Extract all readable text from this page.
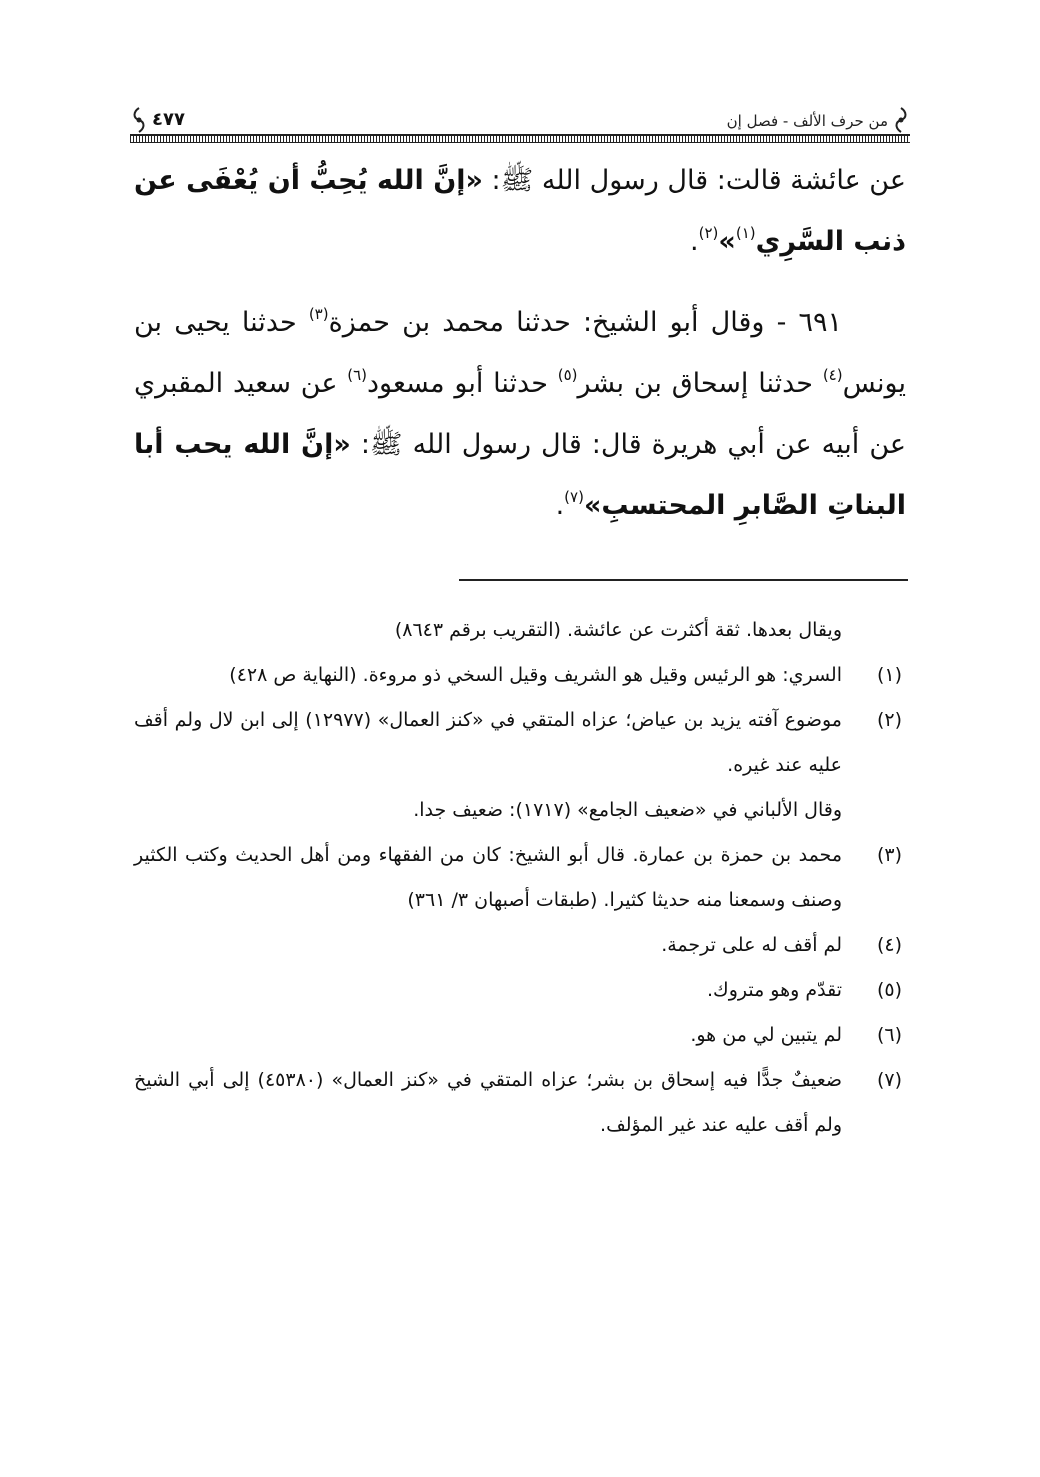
من حرف الألف - فصل إن
٤٧٧

عن عائشة قالت: قال رسول الله ﷺ: «إنَّ الله يُحِبُّ أن يُعْفَى عن ذنب السَّرِي$^{(١)}$»$^{(٢)}$.

٦٩١ - وقال أبو الشيخ: حدثنا محمد بن حمزة$^{(٣)}$ حدثنا يحيى بن يونس$^{(٤)}$ حدثنا إسحاق بن بشر$^{(٥)}$ حدثنا أبو مسعود$^{(٦)}$ عن سعيد المقبري عن أبيه عن أبي هريرة قال: قال رسول الله ﷺ: «إنَّ الله يحب أبا البناتِ الصَّابرِ المحتسبِ»$^{(٧)}$.

ويقال بعدها. ثقة أكثرت عن عائشة. (التقريب برقم ٨٦٤٣)

(١)
السري: هو الرئيس وقيل هو الشريف وقيل السخي ذو مروءة. (النهاية ص ٤٢٨)

(٢)
موضوع آفته يزيد بن عياض؛ عزاه المتقي في «كنز العمال» (١٢٩٧٧) إلى ابن لال ولم أقف عليه عند غيره.

وقال الألباني في «ضعيف الجامع» (١٧١٧): ضعيف جدا.

(٣)
محمد بن حمزة بن عمارة. قال أبو الشيخ: كان من الفقهاء ومن أهل الحديث وكتب الكثير وصنف وسمعنا منه حديثا كثيرا. (طبقات أصبهان ٣/ ٣٦١)

(٤)
لم أقف له على ترجمة.

(٥)
تقدّم وهو متروك.

(٦)
لم يتبين لي من هو.

(٧)
ضعيفٌ جدًّا فيه إسحاق بن بشر؛ عزاه المتقي في «كنز العمال» (٤٥٣٨٠) إلى أبي الشيخ ولم أقف عليه عند غير المؤلف.
